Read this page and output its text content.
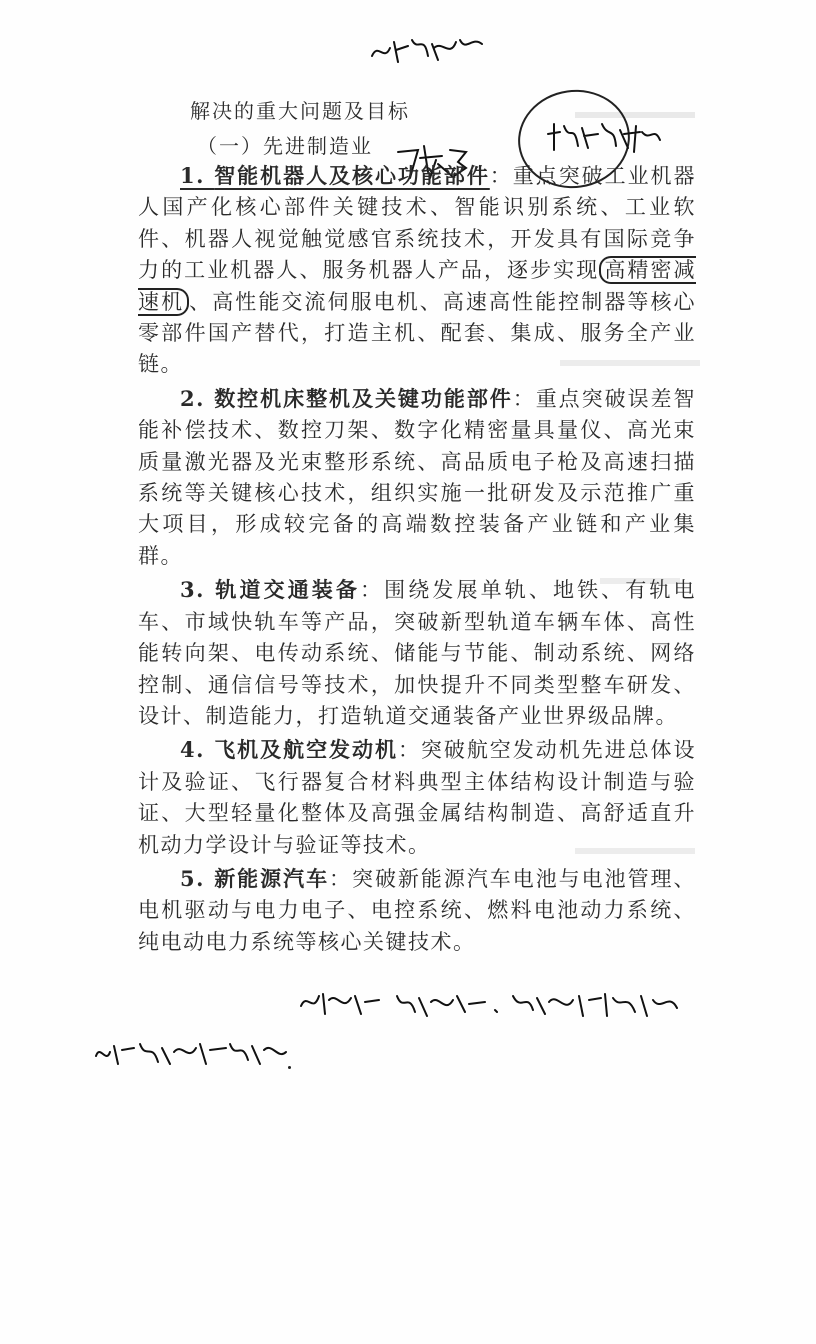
解决的重大问题及目标
（一）先进制造业

1. 智能机器人及核心功能部件：重点突破工业机器人国产化核心部件关键技术、智能识别系统、工业软件、机器人视觉触觉感官系统技术，开发具有国际竞争力的工业机器人、服务机器人产品，逐步实现 高精密减速机 、高性能交流伺服电机、高速高性能控制器等核心零部件国产替代，打造主机、配套、集成、服务全产业链。

2. 数控机床整机及关键功能部件：重点突破误差智能补偿技术、数控刀架、数字化精密量具量仪、高光束质量激光器及光束整形系统、高品质电子枪及高速扫描系统等关键核心技术，组织实施一批研发及示范推广重大项目，形成较完备的高端数控装备产业链和产业集群。

3. 轨道交通装备：围绕发展单轨、地铁、有轨电车、市域快轨车等产品，突破新型轨道车辆车体、高性能转向架、电传动系统、储能与节能、制动系统、网络控制、通信信号等技术，加快提升不同类型整车研发、设计、制造能力，打造轨道交通装备产业世界级品牌。

4. 飞机及航空发动机：突破航空发动机先进总体设计及验证、飞行器复合材料典型主体结构设计制造与验证、大型轻量化整体及高强金属结构制造、高舒适直升机动力学设计与验证等技术。

5. 新能源汽车：突破新能源汽车电池与电池管理、电机驱动与电力电子、电控系统、燃料电池动力系统、纯电动电力系统等核心关键技术。
